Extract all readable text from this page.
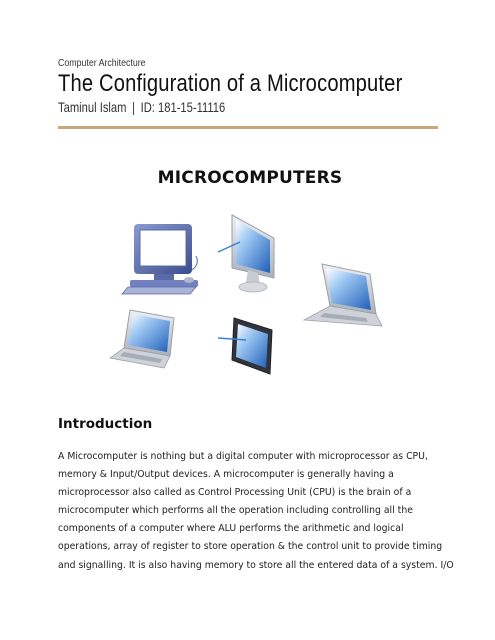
Computer Architecture
The Configuration of a Microcomputer
Taminul Islam | ID: 181-15-11116
MICROCOMPUTERS
Introduction
A Microcomputer is nothing but a digital computer with microprocessor as CPU,
memory & Input/Output devices. A microcomputer is generally having a
microprocessor also called as Control Processing Unit (CPU) is the brain of a
microcomputer which performs all the operation including controlling all the
components of a computer where ALU performs the arithmetic and logical
operations, array of register to store operation & the control unit to provide timing
and signalling. It is also having memory to store all the entered data of a system. I/O
